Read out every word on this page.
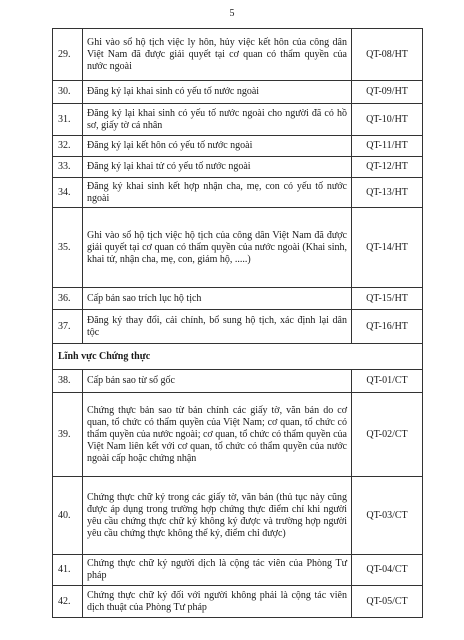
5
29.	Ghi vào sổ hộ tịch việc ly hôn, hủy việc kết hôn của công dân Việt Nam đã được giải quyết tại cơ quan có thẩm quyền của nước ngoài	QT-08/HT
30.	Đăng ký lại khai sinh có yếu tố nước ngoài	QT-09/HT
31.	Đăng ký lại khai sinh có yếu tố nước ngoài cho người đã có hồ sơ, giấy tờ cá nhân	QT-10/HT
32.	Đăng ký lại kết hôn có yếu tố nước ngoài	QT-11/HT
33.	Đăng ký lại khai tử có yếu tố nước ngoài	QT-12/HT
34.	Đăng ký khai sinh kết hợp nhận cha, mẹ, con có yếu tố nước ngoài	QT-13/HT
35.	Ghi vào sổ hộ tịch việc hộ tịch của công dân Việt Nam đã được giải quyết tại cơ quan có thẩm quyền của nước ngoài (Khai sinh, khai tử, nhận cha, mẹ, con, giám hộ, .....)	QT-14/HT
36.	Cấp bản sao trích lục hộ tịch	QT-15/HT
37.	Đăng ký thay đổi, cải chính, bổ sung hộ tịch, xác định lại dân tộc	QT-16/HT
Lĩnh vực Chứng thực		
38.	Cấp bản sao từ sổ gốc	QT-01/CT
39.	Chứng thực bản sao từ bản chính các giấy tờ, văn bản do cơ quan, tổ chức có thẩm quyền của Việt Nam; cơ quan, tổ chức có thẩm quyền của nước ngoài; cơ quan, tổ chức có thẩm quyền của Việt Nam liên kết với cơ quan, tổ chức có thẩm quyền của nước ngoài cấp hoặc chứng nhận	QT-02/CT
40.	Chứng thực chữ ký trong các giấy tờ, văn bản (thủ tục này cũng được áp dụng trong trường hợp chứng thực điểm chỉ khi người yêu cầu chứng thực chữ ký không ký được và trường hợp người yêu cầu chứng thực không thể ký, điểm chỉ được)	QT-03/CT
41.	Chứng thực chữ ký người dịch là cộng tác viên của Phòng Tư pháp	QT-04/CT
42.	Chứng thực chữ ký đối với người không phải là cộng tác viên dịch thuật của Phòng Tư pháp	QT-05/CT
